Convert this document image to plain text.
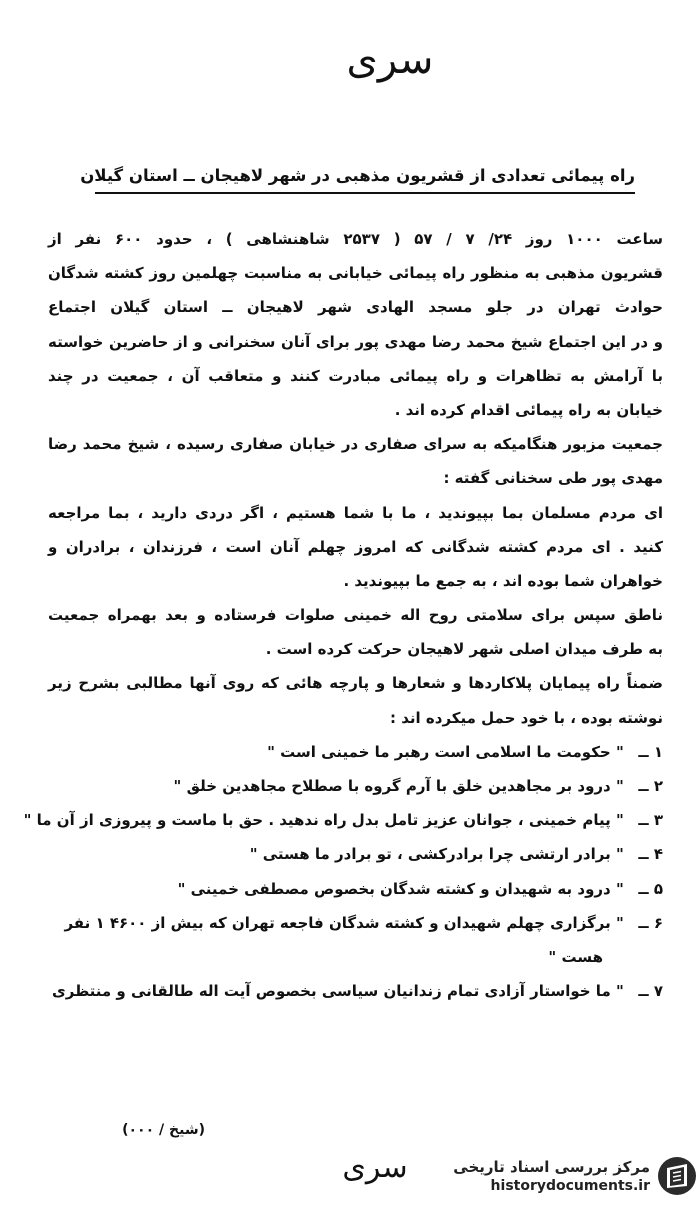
سری
راه پیمائی تعدادی از قشریون مذهبی در شهر لاهیجان ــ استان گیلان
ساعت ۱۰۰۰ روز ۲۴/ ۷ / ۵۷ ( ۲۵۳۷ شاهنشاهی ) ، حدود ۶۰۰ نفر از
قشریون مذهبی به منظور راه پیمائی خیابانی به مناسبت چهلمین روز کشته شدگان
حوادث تهران در جلو مسجد الهادی شهر لاهیجان ــ استان گیلان اجتماع
و در این اجتماع شیخ محمد رضا مهدی پور برای آنان سخنرانی و از حاضرین خواسته
با آرامش به تظاهرات و راه پیمائی مبادرت کنند و متعاقب آن ، جمعیت در چند
خیابان به راه پیمائی اقدام کرده اند .
جمعیت مزبور هنگامیکه به سرای صفاری در خیابان صفاری رسیده ، شیخ محمد رضا
مهدی پور طی سخنانی گفته :
ای مردم مسلمان بما بپیوندید ، ما با شما هستیم ، اگر دردی دارید ، بما مراجعه
کنید . ای مردم کشته شدگانی که امروز چهلم آنان است ، فرزندان ، برادران و
خواهران شما بوده اند ، به جمع ما بپیوندید .
ناطق سپس برای سلامتی روح اله خمینی صلوات فرستاده و بعد بهمراه جمعیت
به طرف میدان اصلی شهر لاهیجان حرکت کرده است .
ضمناً راه پیمایان پلاکاردها و شعارها و پارچه هائی که روی آنها مطالبی بشرح زیر
نوشته بوده ، با خود حمل میکرده اند :
۱ ــ " حکومت ما اسلامی است رهبر ما خمینی است "
۲ ــ " درود بر مجاهدین خلق با آرم گروه با صطلاح مجاهدین خلق "
۳ ــ " پیام خمینی ، جوانان عزیز تامل بدل راه ندهید . حق با ماست و پیروزی از آن ما "
۴ ــ " برادر ارتشی چرا برادرکشی ، تو برادر ما هستی "
۵ ــ " درود به شهیدان و کشته شدگان بخصوص مصطفی خمینی "
۶ ــ " برگزاری چهلم شهیدان و کشته شدگان فاجعه تهران که بیش از ۴۶۰۰ ۱ نفر
هست "
۷ ــ " ما خواستار آزادی تمام زندانیان سیاسی بخصوص آیت اله طالقانی و منتظری
(شیخ / ۰۰۰)
سری	مرکز بررسی اسناد تاریخی
historydocuments.ir
